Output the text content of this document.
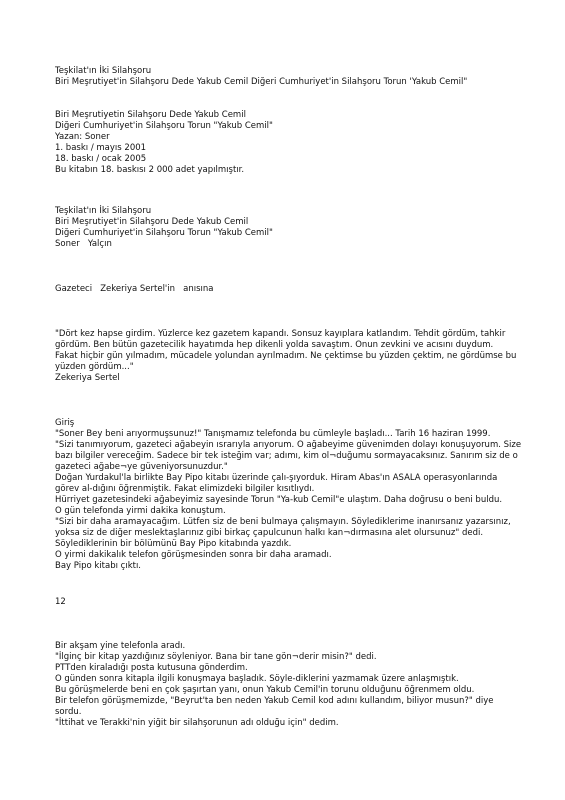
Teşkilat'ın İki Silahşoru
Biri Meşrutiyet'in Silahşoru Dede Yakub Cemil Diğeri Cumhuriyet'in Silahşoru Torun 'Yakub Cemil"
Biri Meşrutiyetin Silahşoru Dede Yakub Cemil
Diğeri Cumhuriyet'in Silahşoru Torun "Yakub Cemil"
Yazan: Soner
1. baskı / mayıs 2001
18. baskı / ocak 2005
Bu kitabın 18. baskısı 2 000 adet yapılmıştır.
Teşkilat'ın İki Silahşoru
Biri Meşrutiyet'in Silahşoru Dede Yakub Cemil
Diğeri Cumhuriyet'in Silahşoru Torun "Yakub Cemil"
Soner   Yalçın
Gazeteci   Zekeriya Sertel'in   anısına
"Dört kez hapse girdim. Yüzlerce kez gazetem kapandı. Sonsuz kayıplara katlandım. Tehdit gördüm, tahkir
gördüm. Ben bütün gazetecilik hayatımda hep dikenli yolda savaştım. Onun zevkini ve acısını duydum.
Fakat hiçbir gün yılmadım, mücadele yolundan ayrılmadım. Ne çektimse bu yüzden çektim, ne gördümse bu
yüzden gördüm..."
Zekeriya Sertel
Giriş
"Soner Bey beni arıyormuşsunuz!" Tanışmamız telefonda bu cümleyle başladı... Tarih 16 haziran 1999.
"Sizi tanımıyorum, gazeteci ağabeyin ısrarıyla arıyorum. O ağabeyime güvenimden dolayı konuşuyorum. Size
bazı bilgiler vereceğim. Sadece bir tek isteğim var; adımı, kim ol¬duğumu sormayacaksınız. Sanırım siz de o
gazeteci ağabe¬ye güveniyorsunuzdur."
Doğan Yurdakul'la birlikte Bay Pipo kitabı üzerinde çalı-şıyorduk. Hiram Abas'ın ASALA operasyonlarında
görev al-dığını öğrenmiştik. Fakat elimizdeki bilgiler kısıtlıydı.
Hürriyet gazetesindeki ağabeyimiz sayesinde Torun "Ya-kub Cemil"e ulaştım. Daha doğrusu o beni buldu.
O gün telefonda yirmi dakika konuştum.
"Sizi bir daha aramayacağım. Lütfen siz de beni bulmaya çalışmayın. Söylediklerime inanırsanız yazarsınız,
yoksa siz de diğer meslektaşlarınız gibi birkaç çapulcunun halkı kan¬dırmasına alet olursunuz" dedi.
Söylediklerinin bir bölümünü Bay Pipo kitabında yazdık.
O yirmi dakikalık telefon görüşmesinden sonra bir daha aramadı.
Bay Pipo kitabı çıktı.
12
Bir akşam yine telefonla aradı.
"İlginç bir kitap yazdığınız söyleniyor. Bana bir tane gön¬derir misin?" dedi.
PTTden kiraladığı posta kutusuna gönderdim.
O günden sonra kitapla ilgili konuşmaya başladık. Söyle-diklerini yazmamak üzere anlaşmıştık.
Bu görüşmelerde beni en çok şaşırtan yanı, onun Yakub Cemil'in torunu olduğunu öğrenmem oldu.
Bir telefon görüşmemizde, "Beyrut'ta ben neden Yakub Cemil kod adını kullandım, biliyor musun?" diye
sordu.
"İttihat ve Terakki'nin yiğit bir silahşorunun adı olduğu için" dedim.
